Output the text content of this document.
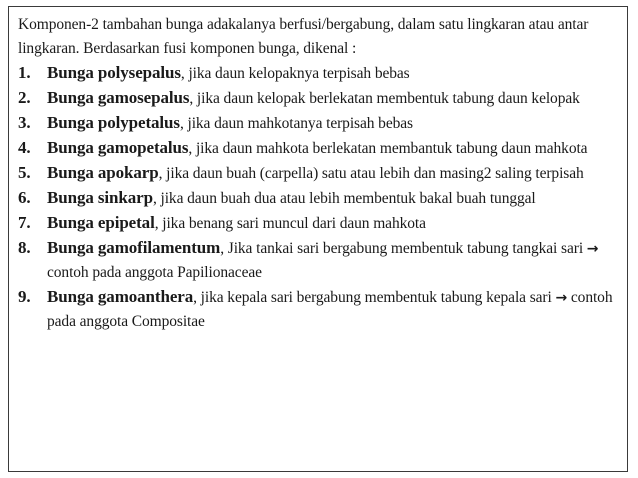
Komponen-2 tambahan bunga adakalanya berfusi/bergabung, dalam satu lingkaran atau antar lingkaran. Berdasarkan fusi komponen bunga, dikenal :

1. Bunga polysepalus, jika daun kelopaknya terpisah bebas
2. Bunga gamosepalus, jika daun kelopak berlekatan membentuk tabung daun kelopak
3. Bunga polypetalus, jika daun mahkotanya terpisah bebas
4. Bunga gamopetalus, jika daun mahkota berlekatan membantuk tabung daun mahkota
5. Bunga apokarp, jika daun buah (carpella) satu atau lebih dan masing2 saling terpisah
6. Bunga sinkarp, jika daun buah dua atau lebih membentuk bakal buah tunggal
7. Bunga epipetal, jika benang sari muncul dari daun mahkota
8. Bunga gamofilamentum, Jika tankai sari bergabung membentuk tabung tangkai sari → contoh pada anggota Papilionaceae
9. Bunga gamoanthera, jika kepala sari bergabung membentuk tabung kepala sari → contoh pada anggota Compositae
